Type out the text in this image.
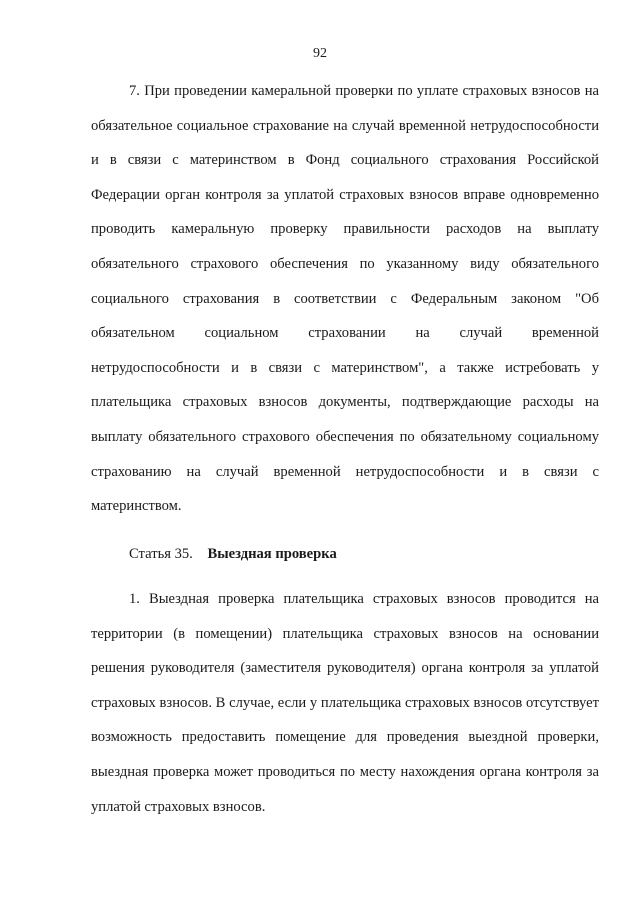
92

7. При проведении камеральной проверки по уплате страховых взносов на обязательное социальное страхование на случай временной нетрудоспособности и в связи с материнством в Фонд социального страхования Российской Федерации орган контроля за уплатой страховых взносов вправе одновременно проводить камеральную проверку правильности расходов на выплату обязательного страхового обеспечения по указанному виду обязательного социального страхования в соответствии с Федеральным законом "Об обязательном социальном страховании на случай временной нетрудоспособности и в связи с материнством", а также истребовать у плательщика страховых взносов документы, подтверждающие расходы на выплату обязательного страхового обеспечения по обязательному социальному страхованию на случай временной нетрудоспособности и в связи с материнством.

Статья 35. Выездная проверка

1. Выездная проверка плательщика страховых взносов проводится на территории (в помещении) плательщика страховых взносов на основании решения руководителя (заместителя руководителя) органа контроля за уплатой страховых взносов. В случае, если у плательщика страховых взносов отсутствует возможность предоставить помещение для проведения выездной проверки, выездная проверка может проводиться по месту нахождения органа контроля за уплатой страховых взносов.
